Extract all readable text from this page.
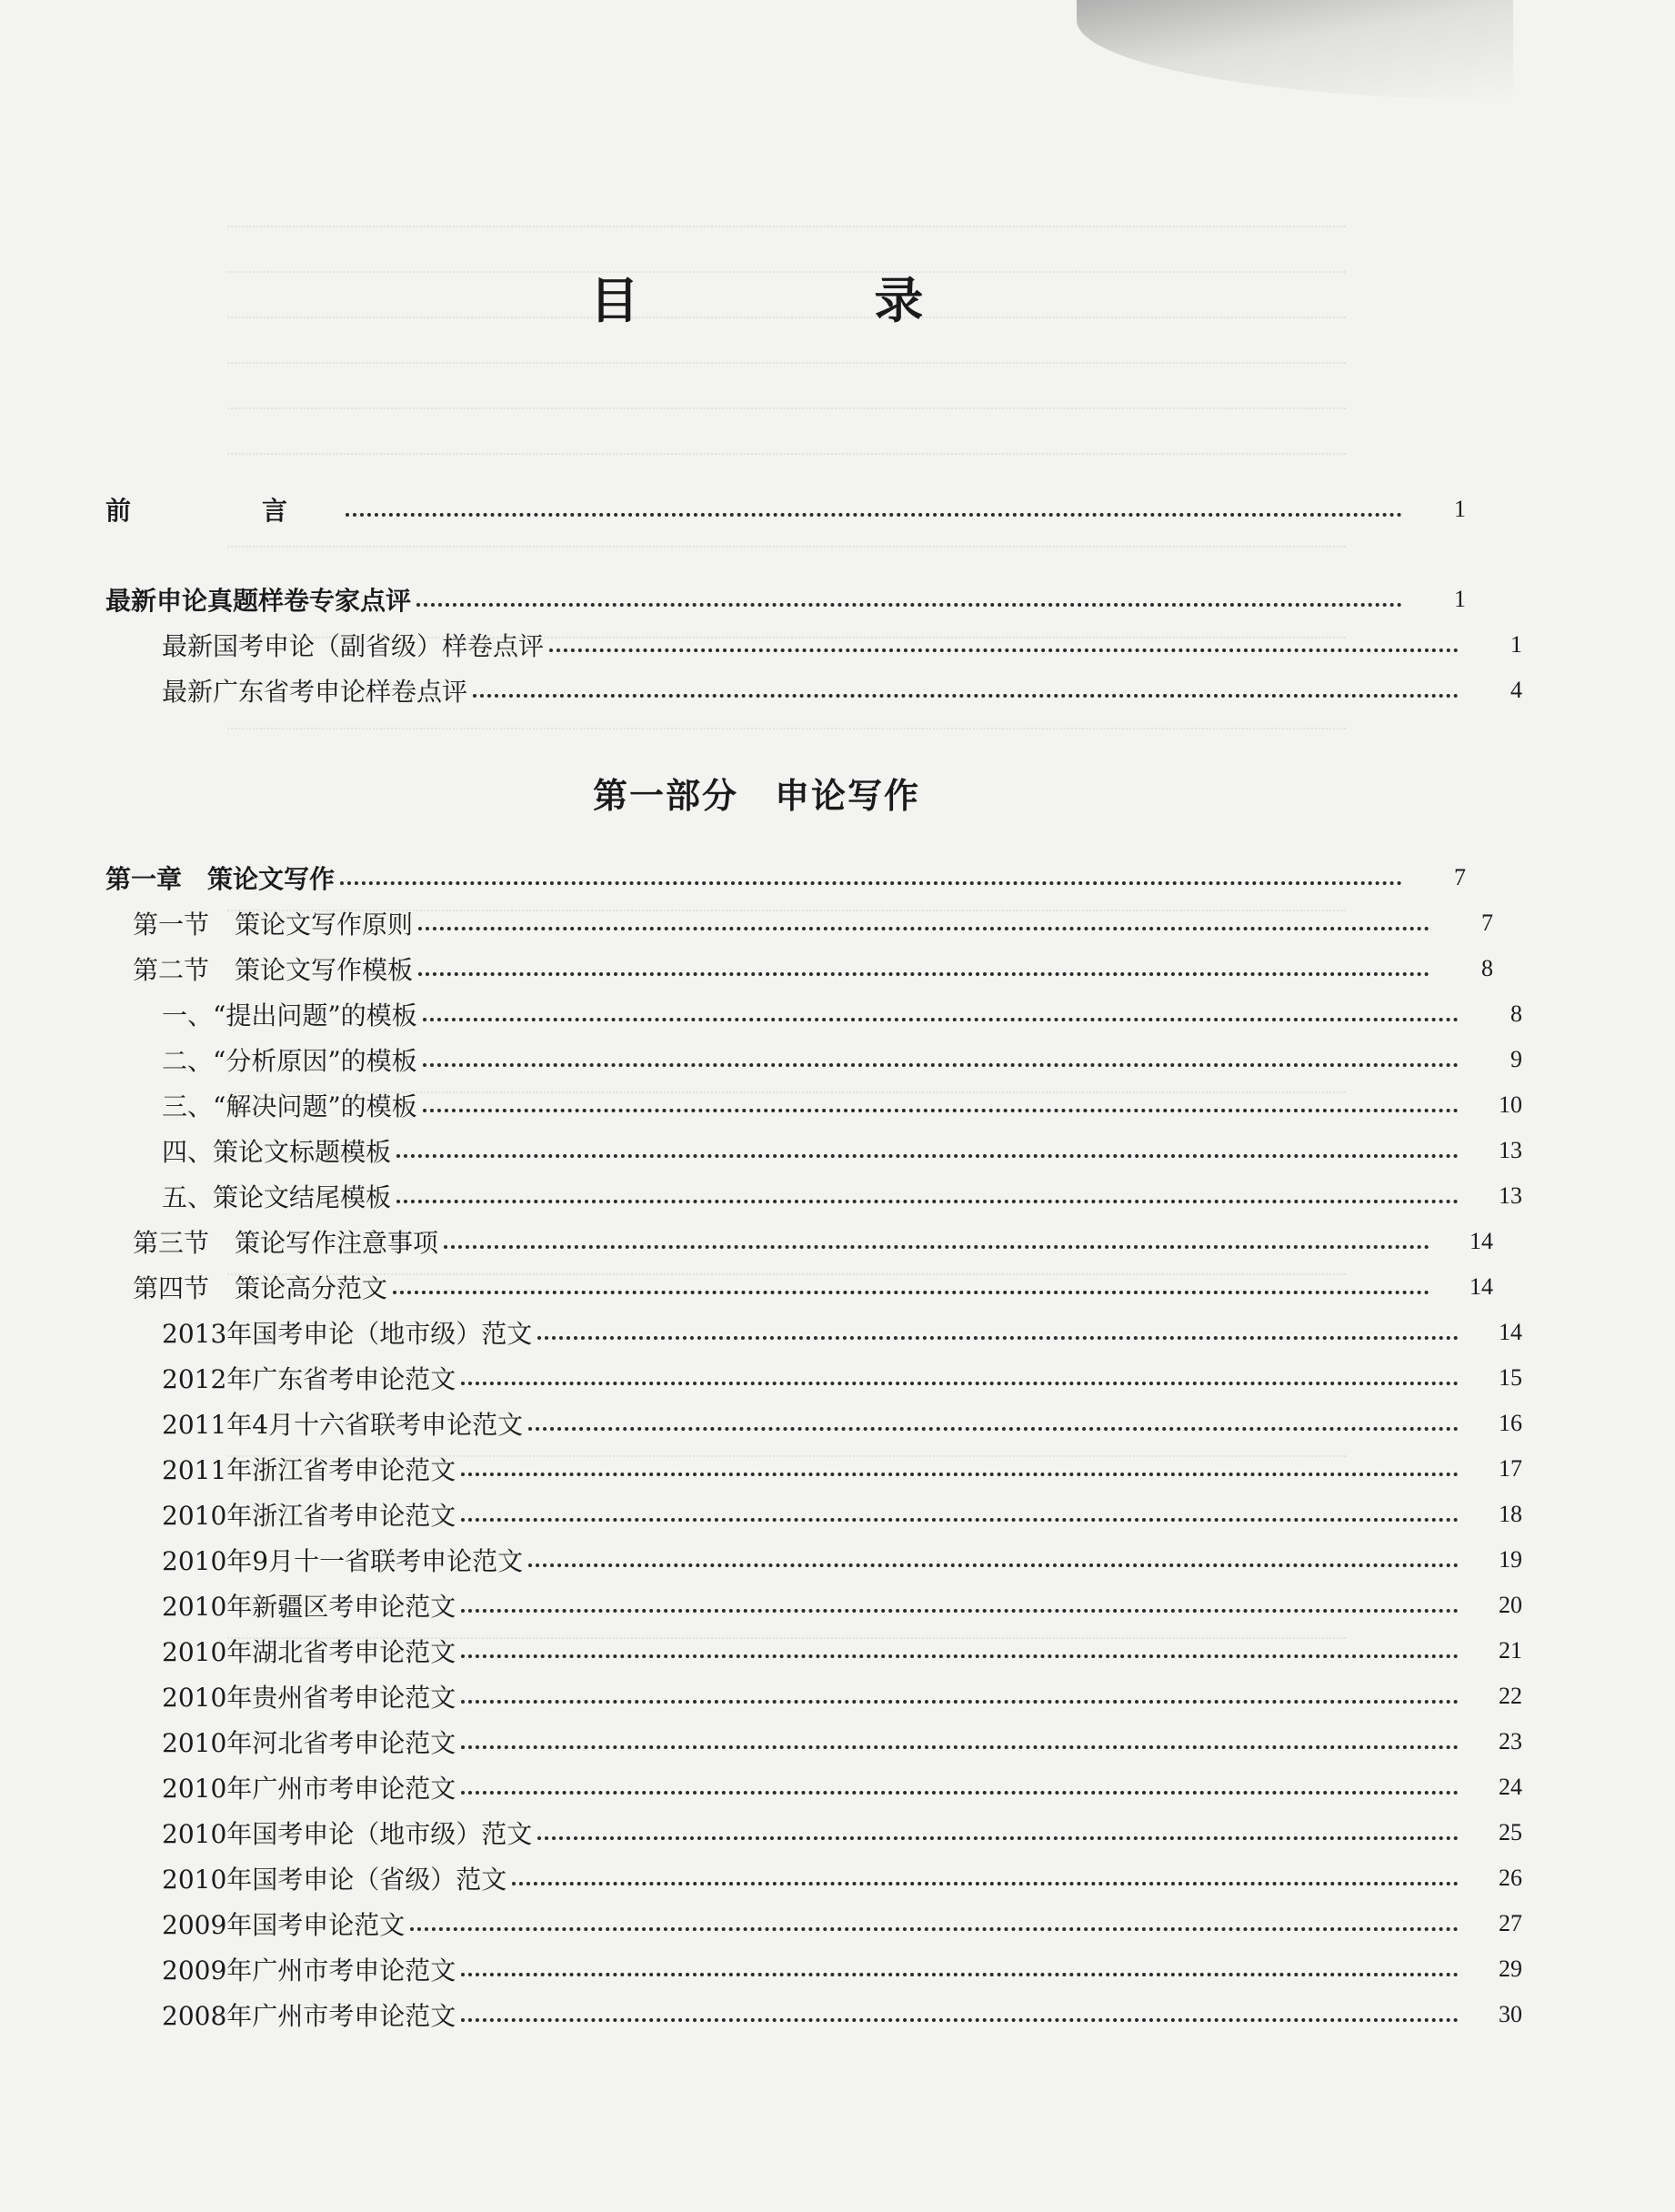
目 录
前　言	1
最新申论真题样卷专家点评	1
最新国考申论（副省级）样卷点评	1
最新广东省考申论样卷点评	4
第一部分　申论写作
第一章　策论文写作	7
第一节　策论文写作原则	7
第二节　策论文写作模板	8
一、“提出问题”的模板	8
二、“分析原因”的模板	9
三、“解决问题”的模板	10
四、策论文标题模板	13
五、策论文结尾模板	13
第三节　策论写作注意事项	14
第四节　策论高分范文	14
2013年国考申论（地市级）范文	14
2012年广东省考申论范文	15
2011年4月十六省联考申论范文	16
2011年浙江省考申论范文	17
2010年浙江省考申论范文	18
2010年9月十一省联考申论范文	19
2010年新疆区考申论范文	20
2010年湖北省考申论范文	21
2010年贵州省考申论范文	22
2010年河北省考申论范文	23
2010年广州市考申论范文	24
2010年国考申论（地市级）范文	25
2010年国考申论（省级）范文	26
2009年国考申论范文	27
2009年广州市考申论范文	29
2008年广州市考申论范文	30
